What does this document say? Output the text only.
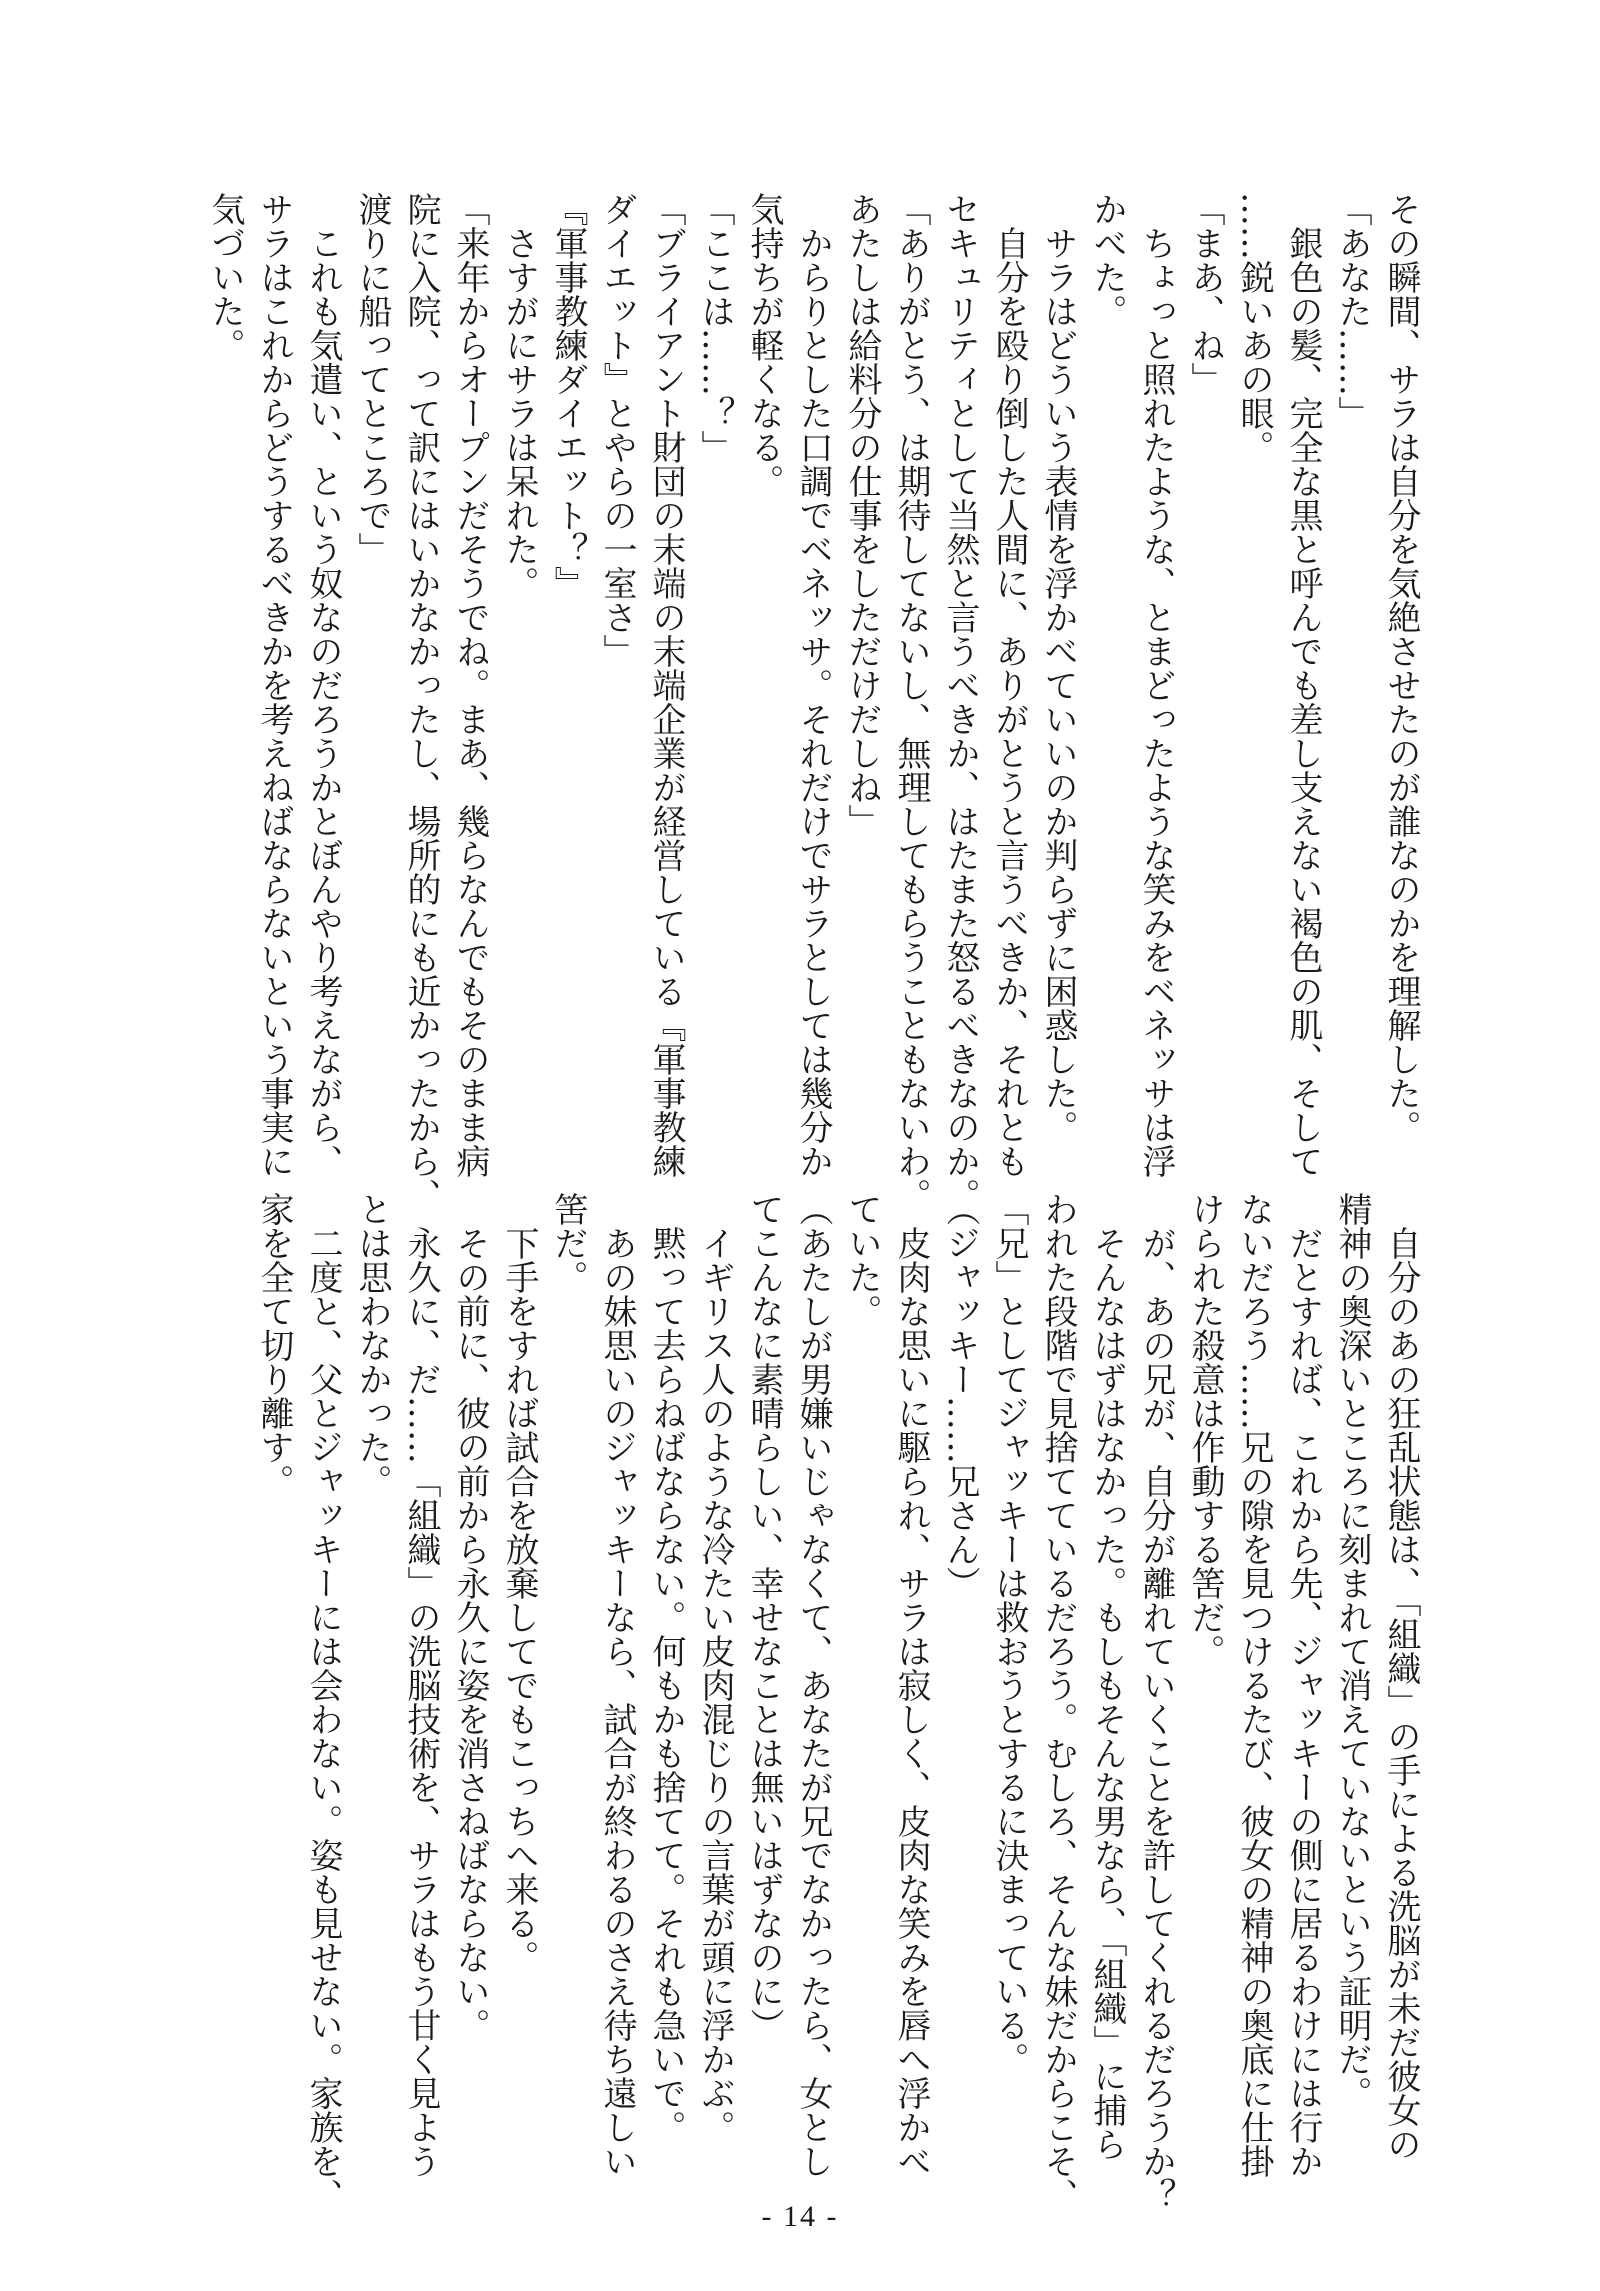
その瞬間、サラは自分を気絶させたのが誰なのかを理解した。
「あなた……」
　銀色の髪、完全な黒と呼んでも差し支えない褐色の肌、そして
……鋭いあの眼。
「まあ、ね」
　ちょっと照れたような、とまどったような笑みをベネッサは浮
かべた。
　サラはどういう表情を浮かべていいのか判らずに困惑した。
　自分を殴り倒した人間に、ありがとうと言うべきか、それとも
セキュリティとして当然と言うべきか、はたまた怒るべきなのか。
「ありがとう、は期待してないし、無理してもらうこともないわ。
あたしは給料分の仕事をしただけだしね」
　からりとした口調でベネッサ。それだけでサラとしては幾分か
気持ちが軽くなる。
「ここは……？」
「ブライアント財団の末端の末端企業が経営している『軍事教練
ダイエット』とやらの一室さ」
『軍事教練ダイエット？』
　さすがにサラは呆れた。
「来年からオープンだそうでね。まあ、幾らなんでもそのまま病
院に入院、って訳にはいかなかったし、場所的にも近かったから、
渡りに船ってところで」
　これも気遣い、という奴なのだろうかとぼんやり考えながら、
サラはこれからどうするべきかを考えねばならないという事実に
気づいた。
　自分のあの狂乱状態は、「組織」の手による洗脳が未だ彼女の
精神の奥深いところに刻まれて消えていないという証明だ。
　だとすれば、これから先、ジャッキーの側に居るわけには行か
ないだろう……兄の隙を見つけるたび、彼女の精神の奥底に仕掛
けられた殺意は作動する筈だ。
　が、あの兄が、自分が離れていくことを許してくれるだろうか？
　そんなはずはなかった。もしもそんな男なら、「組織」に捕ら
われた段階で見捨てているだろう。むしろ、そんな妹だからこそ、
「兄」としてジャッキーは救おうとするに決まっている。
（ジャッキー……兄さん）
　皮肉な思いに駆られ、サラは寂しく、皮肉な笑みを唇へ浮かべ
ていた。
（あたしが男嫌いじゃなくて、あなたが兄でなかったら、女とし
てこんなに素晴らしい、幸せなことは無いはずなのに）
　イギリス人のような冷たい皮肉混じりの言葉が頭に浮かぶ。
　黙って去らねばならない。何もかも捨てて。それも急いで。
　あの妹思いのジャッキーなら、試合が終わるのさえ待ち遠しい
筈だ。
　下手をすれば試合を放棄してでもこっちへ来る。
　その前に、彼の前から永久に姿を消さねばならない。
　永久に、だ……「組織」の洗脳技術を、サラはもう甘く見よう
とは思わなかった。
　二度と、父とジャッキーには会わない。姿も見せない。家族を、
家を全て切り離す。
- 14 -
